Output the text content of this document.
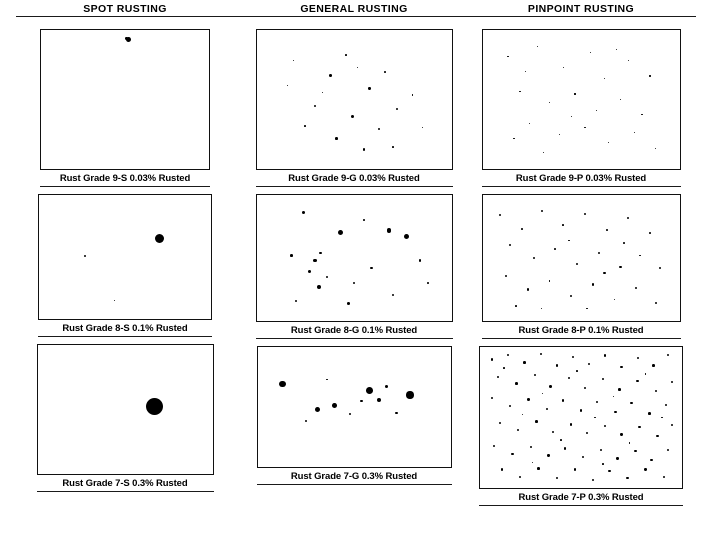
SPOT RUSTING
Rust Grade 9-S 0.03% Rusted
Rust Grade 8-S 0.1% Rusted
Rust Grade 7-S 0.3% Rusted
GENERAL RUSTING
Rust Grade 9-G 0.03% Rusted
Rust Grade 8-G 0.1% Rusted
Rust Grade 7-G 0.3% Rusted
PINPOINT RUSTING
Rust Grade 9-P 0.03% Rusted
Rust Grade 8-P 0.1% Rusted
Rust Grade 7-P 0.3% Rusted
